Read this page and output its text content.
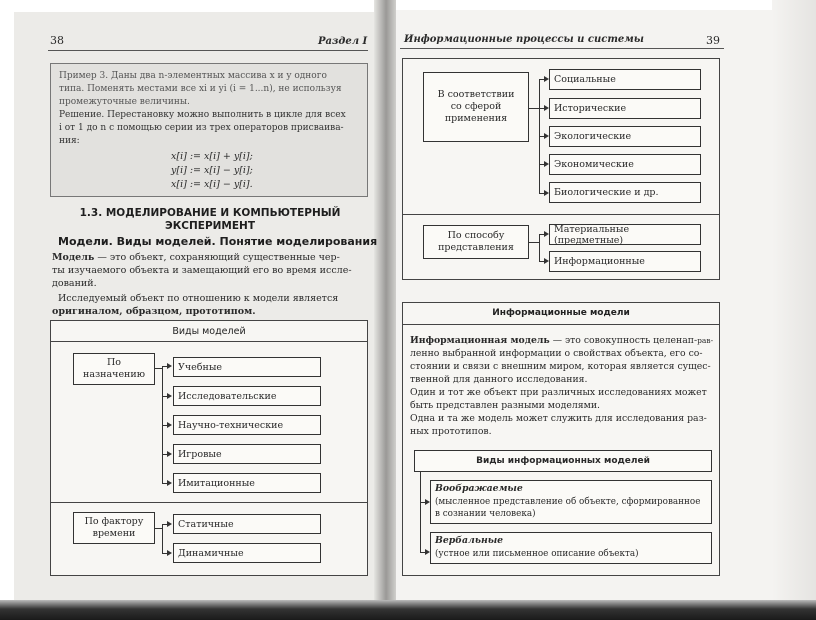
38	Раздел I
Пример 3. Даны два n-элементных массива x и y одного
типа. Поменять местами все xi и yi (i = 1...n), не используя
промежуточные величины.
Решение. Перестановку можно выполнить в цикле для всех
i от 1 до n с помощью серии из трех операторов присваива-
ния:
x[i] := x[i] + y[i];
y[i] := x[i] − y[i];
x[i] := x[i] − y[i].
1.3. МОДЕЛИРОВАНИЕ И КОМПЬЮТЕРНЫЙ
ЭКСПЕРИМЕНТ
Модели. Виды моделей. Понятие моделирования
Модель — это объект, сохраняющий существенные чер-
ты изучаемого объекта и замещающий его во время иссле-
дований.
Исследуемый объект по отношению к модели является
оригиналом, образцом, прототипом.
Виды моделей
По
назначению
Учебные
Исследовательские
Научно-технические
Игровые
Имитационные
По фактору
времени
Статичные
Динамичные
Информационные процессы и системы	39
В соответствии
со сферой
применения
Социальные
Исторические
Экологические
Экономические
Биологические и др.
По способу
представления
Материальные (предметные)
Информационные
Информационные модели
Информационная модель — это совокупность целенап-рав-
ленно выбранной информации о свойствах объекта, его со-
стоянии и связи с внешним миром, которая является сущес-
твенной для данного исследования.
Один и тот же объект при различных исследованиях может
быть представлен разными моделями.
Одна и та же модель может служить для исследования раз-
ных прототипов.
Виды информационных моделей
Воображаемые
(мысленное представление об объекте, сформированное
в сознании человека)
Вербальные
(устное или письменное описание объекта)
